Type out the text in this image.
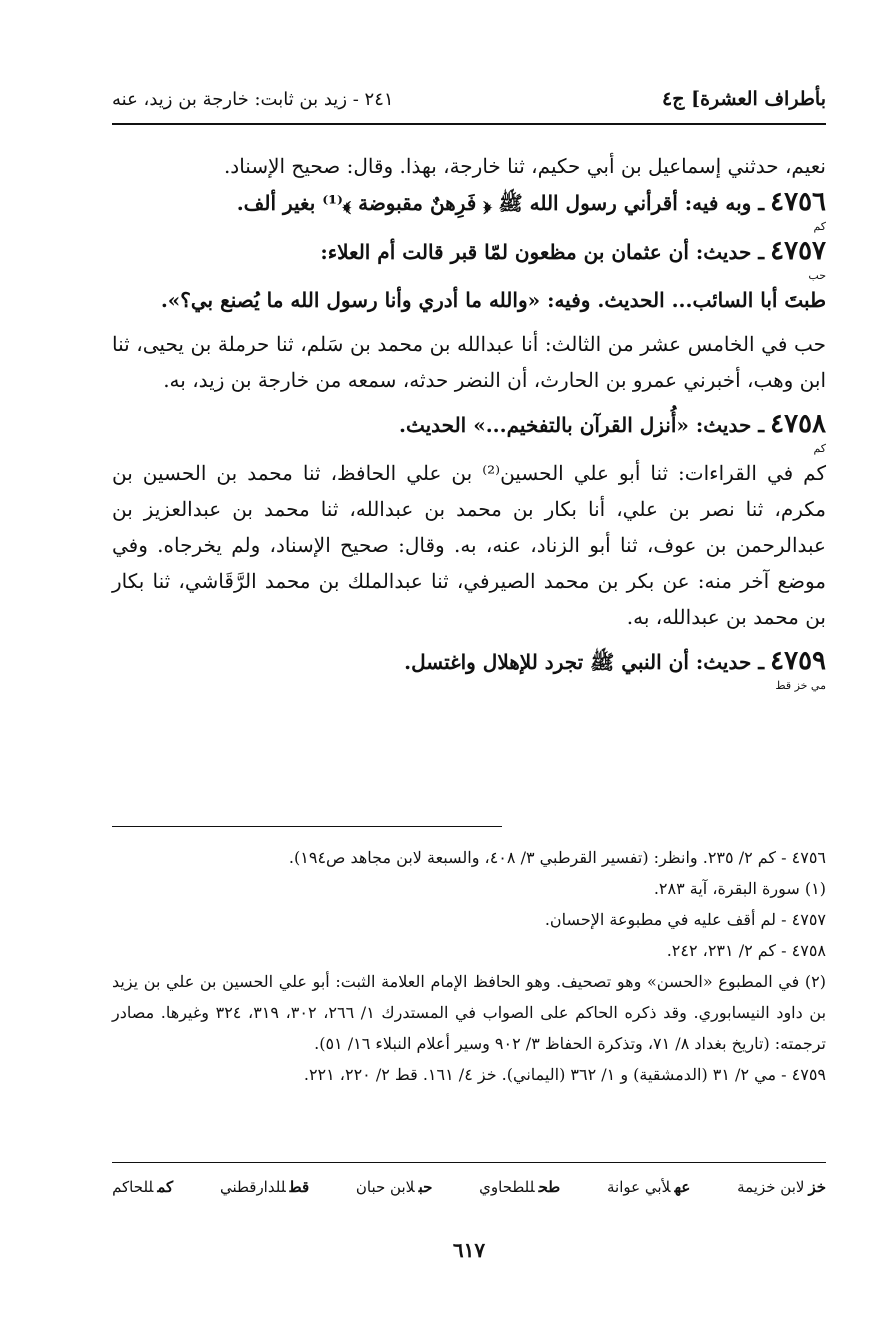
بأطراف العشرة] ج٤
٢٤١ - زيد بن ثابت: خارجة بن زيد، عنه

نعيم، حدثني إسماعيل بن أبي حكيم، ثنا خارجة، بهذا. وقال: صحيح الإسناد.

٤٧٥٦ـ وبه فيه: أقرأني رسول الله ﷺ ﴿ فَرِهنٌ مقبوضة ﴾⁽¹⁾ بغير ألف.

كم

٤٧٥٧ـ حديث: أن عثمان بن مظعون لمّا قبر قالت أم العلاء:

حب

طبتَ أبا السائب... الحديث. وفيه: «والله ما أدري وأنا رسول الله ما يُصنع بي؟».

حب في الخامس عشر من الثالث: أنا عبدالله بن محمد بن سَلم، ثنا حرملة بن يحيى، ثنا ابن وهب، أخبرني عمرو بن الحارث، أن النضر حدثه، سمعه من خارجة بن زيد، به.

٤٧٥٨ـ حديث: «أُنزل القرآن بالتفخيم...» الحديث.

كم

كم في القراءات: ثنا أبو علي الحسين⁽²⁾ بن علي الحافظ، ثنا محمد بن الحسين بن مكرم، ثنا نصر بن علي، أنا بكار بن محمد بن عبدالله، ثنا محمد بن عبدالعزيز بن عبدالرحمن بن عوف، ثنا أبو الزناد، عنه، به. وقال: صحيح الإسناد، ولم يخرجاه. وفي موضع آخر منه: عن بكر بن محمد الصيرفي، ثنا عبدالملك بن محمد الرَّقَاشي، ثنا بكار بن محمد بن عبدالله، به.

٤٧٥٩ـ حديث: أن النبي ﷺ تجرد للإهلال واغتسل.

مي خز قط

٤٧٥٦ - كم ٢/ ٢٣٥. وانظر: (تفسير القرطبي ٣/ ٤٠٨، والسبعة لابن مجاهد ص١٩٤).

(١) سورة البقرة، آية ٢٨٣.

٤٧٥٧ - لم أقف عليه في مطبوعة الإحسان.

٤٧٥٨ - كم ٢/ ٢٣١، ٢٤٢.

(٢) في المطبوع «الحسن» وهو تصحيف. وهو الحافظ الإمام العلامة الثبت: أبو علي الحسين بن علي بن يزيد بن داود النيسابوري. وقد ذكره الحاكم على الصواب في المستدرك ١/ ٢٦٦، ٣٠٢، ٣١٩، ٣٢٤ وغيرها. مصادر ترجمته: (تاريخ بغداد ٨/ ٧١، وتذكرة الحفاظ ٣/ ٩٠٢ وسير أعلام النبلاء ١٦/ ٥١).

٤٧٥٩ - مي ٢/ ٣١ (الدمشقية) و ١/ ٣٦٢ (اليماني). خز ٤/ ١٦١. قط ٢/ ٢٢٠، ٢٢١.

خزلابن خزيمة
عهلأبي عوانة
طحللطحاوي
حبلابن حبان
قطللدارقطني
كمللحاكم
٦١٧
